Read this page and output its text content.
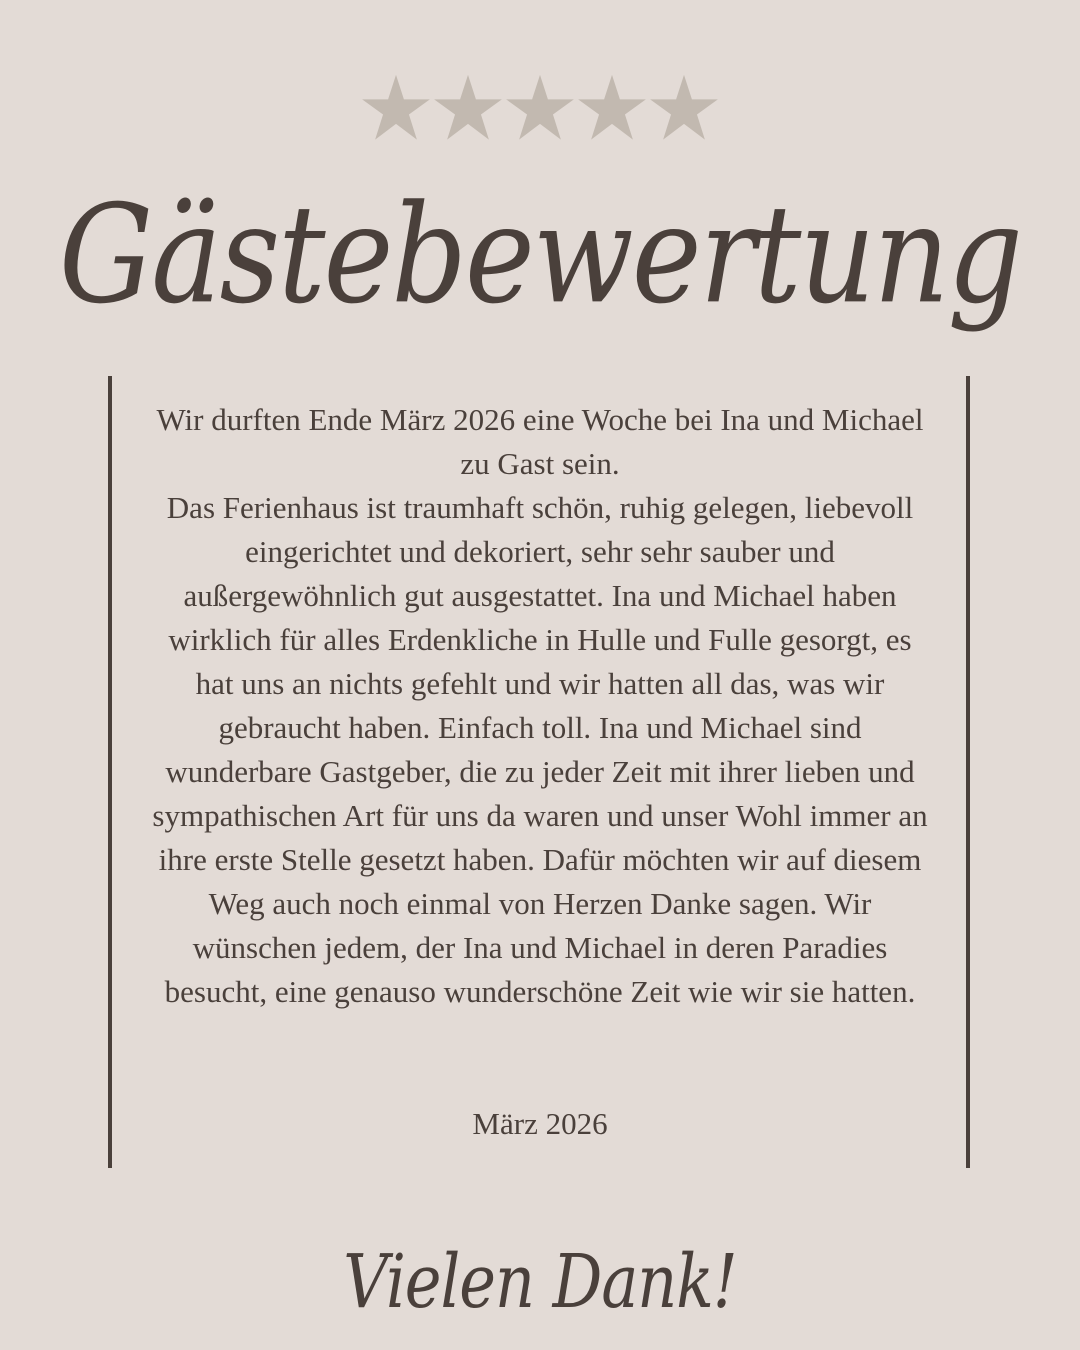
Gästebewertung

Wir durften Ende März 2026 eine Woche bei Ina und Michael zu Gast sein.

Das Ferienhaus ist traumhaft schön, ruhig gelegen, liebevoll eingerichtet und dekoriert, sehr sehr sauber und außergewöhnlich gut ausgestattet. Ina und Michael haben wirklich für alles Erdenkliche in Hulle und Fulle gesorgt, es hat uns an nichts gefehlt und wir hatten all das, was wir gebraucht haben. Einfach toll. Ina und Michael sind wunderbare Gastgeber, die zu jeder Zeit mit ihrer lieben und sympathischen Art für uns da waren und unser Wohl immer an ihre erste Stelle gesetzt haben. Dafür möchten wir auf diesem Weg auch noch einmal von Herzen Danke sagen. Wir wünschen jedem, der Ina und Michael in deren Paradies besucht, eine genauso wunderschöne Zeit wie wir sie hatten.

März 2026
Vielen Dank!
